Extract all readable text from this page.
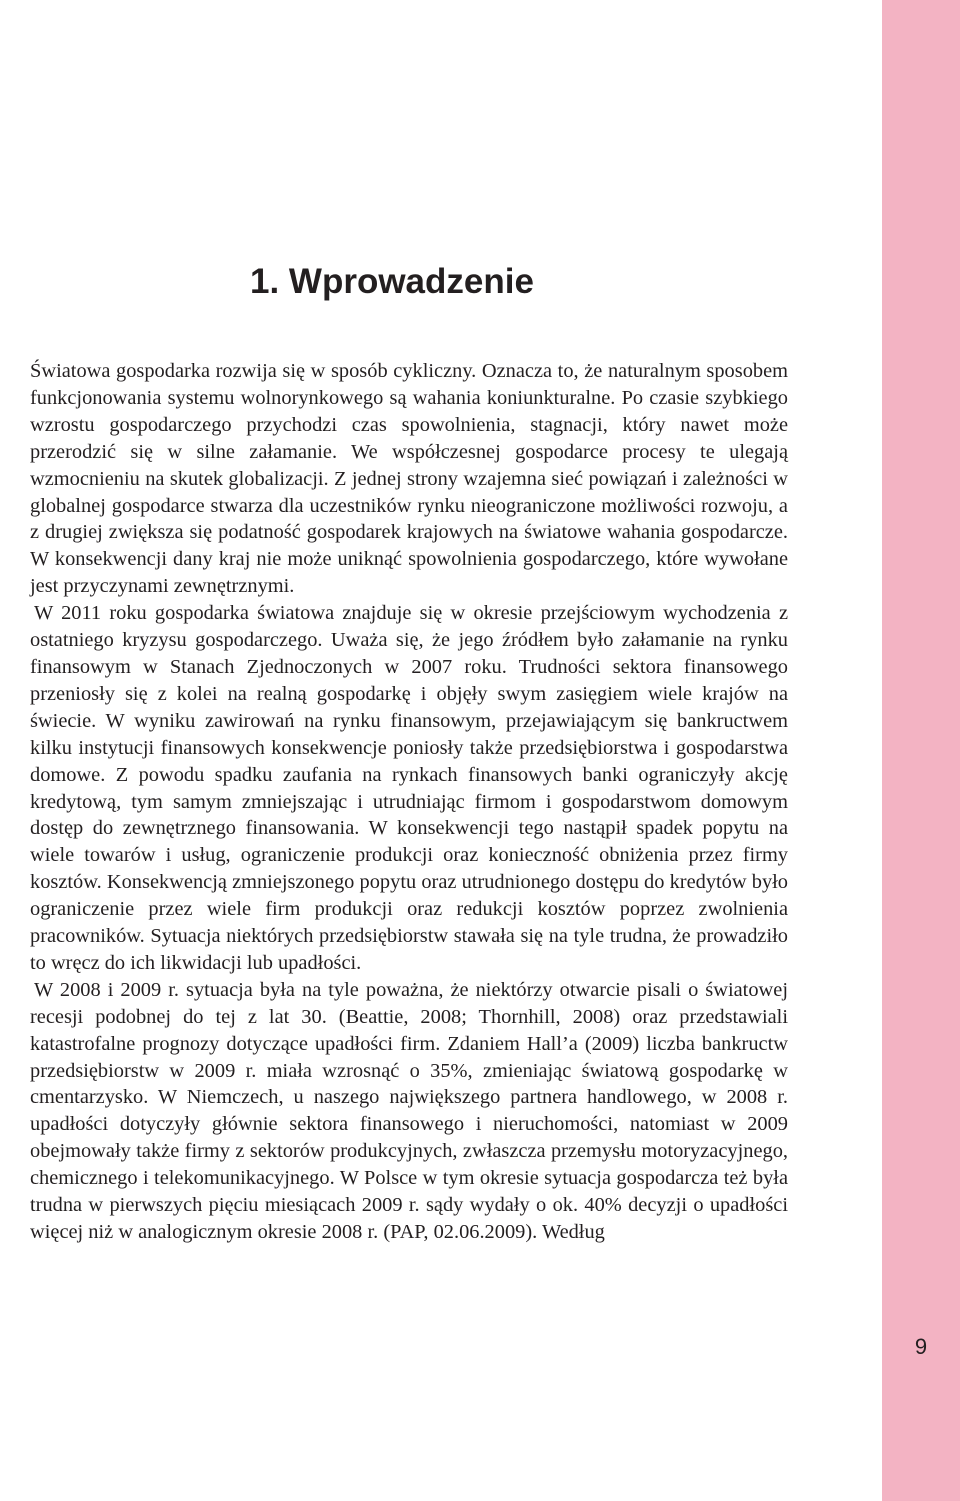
9
1. Wprowadzenie

Światowa gospodarka rozwija się w sposób cykliczny. Oznacza to, że naturalnym sposobem funkcjonowania systemu wolnorynkowego są wahania koniunkturalne. Po czasie szybkiego wzrostu gospodarczego przychodzi czas spowolnienia, stagnacji, który nawet może przerodzić się w silne załamanie. We współczesnej gospodarce procesy te ulegają wzmocnieniu na skutek globalizacji. Z jednej strony wzajemna sieć powiązań i zależności w globalnej gospodarce stwarza dla uczestników rynku nieograniczone możliwości rozwoju, a z drugiej zwiększa się podatność gospodarek krajowych na światowe wahania gospodarcze. W konsekwencji dany kraj nie może uniknąć spowolnienia gospodarczego, które wywołane jest przyczynami zewnętrznymi.

W 2011 roku gospodarka światowa znajduje się w okresie przejściowym wychodzenia z ostatniego kryzysu gospodarczego. Uważa się, że jego źródłem było załamanie na rynku finansowym w Stanach Zjednoczonych w 2007 roku. Trudności sektora finansowego przeniosły się z kolei na realną gospodarkę i objęły swym zasięgiem wiele krajów na świecie. W wyniku zawirowań na rynku finansowym, przejawiającym się bankructwem kilku instytucji finansowych konsekwencje poniosły także przedsiębiorstwa i gospodarstwa domowe. Z powodu spadku zaufania na rynkach finansowych banki ograniczyły akcję kredytową, tym samym zmniejszając i utrudniając firmom i gospodarstwom domowym dostęp do zewnętrznego finansowania. W konsekwencji tego nastąpił spadek popytu na wiele towarów i usług, ograniczenie produkcji oraz konieczność obniżenia przez firmy kosztów. Konsekwencją zmniejszonego popytu oraz utrudnionego dostępu do kredytów było ograniczenie przez wiele firm produkcji oraz redukcji kosztów poprzez zwolnienia pracowników. Sytuacja niektórych przedsiębiorstw stawała się na tyle trudna, że prowadziło to wręcz do ich likwidacji lub upadłości.

W 2008 i 2009 r. sytuacja była na tyle poważna, że niektórzy otwarcie pisali o światowej recesji podobnej do tej z lat 30. (Beattie, 2008; Thornhill, 2008) oraz przedstawiali katastrofalne prognozy dotyczące upadłości firm. Zdaniem Hall’a (2009) liczba bankructw przedsiębiorstw w 2009 r. miała wzrosnąć o 35%, zmieniając światową gospodarkę w cmentarzysko. W Niemczech, u naszego największego partnera handlowego, w 2008 r. upadłości dotyczyły głównie sektora finansowego i nieruchomości, natomiast w 2009 obejmowały także firmy z sektorów produkcyjnych, zwłaszcza przemysłu motoryzacyjnego, chemicznego i telekomunikacyjnego. W Polsce w tym okresie sytuacja gospodarcza też była trudna w pierwszych pięciu miesiącach 2009 r. sądy wydały o ok. 40% decyzji o upadłości więcej niż w analogicznym okresie 2008 r. (PAP, 02.06.2009). Według
